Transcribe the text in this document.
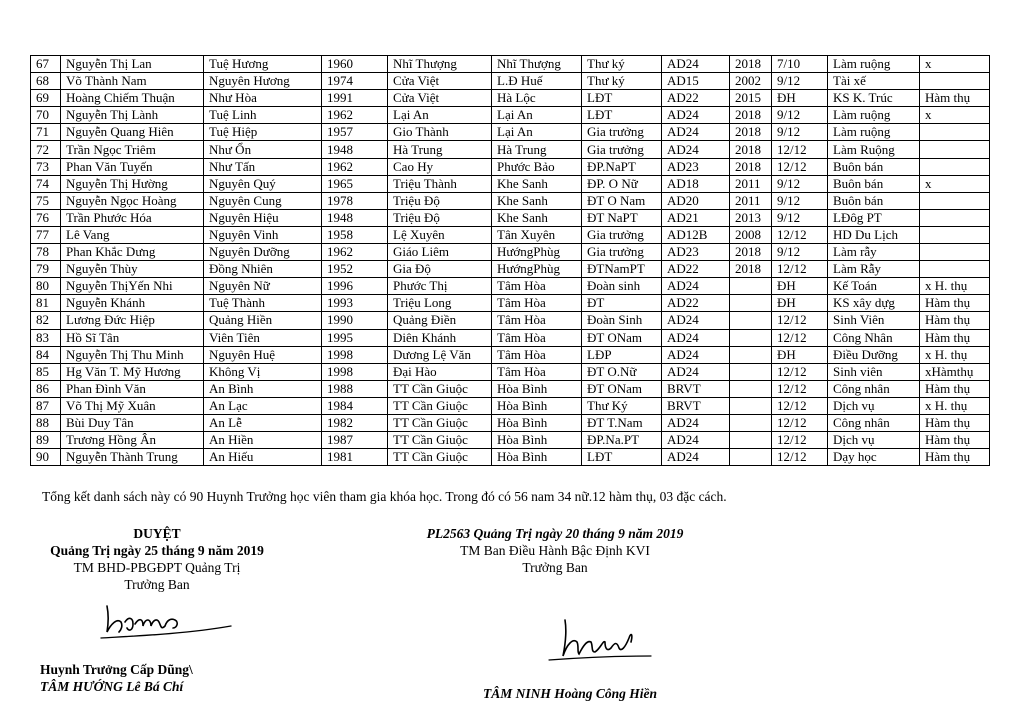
67	Nguyễn Thị Lan	Tuệ Hương	1960	Nhĩ Thượng	Nhĩ Thượng	Thư ký	AD24	2018	7/10	Làm ruộng	x
68	Võ Thành Nam	Nguyên Hương	1974	Cửa Việt	L.Đ Huế	Thư ký	AD15	2002	9/12	Tài xế	
69	Hoàng Chiếm Thuận	Như Hòa	1991	Cửa Việt	Hà Lộc	LĐT	AD22	2015	ĐH	KS K. Trúc	Hàm thụ
70	Nguyễn Thị Lành	Tuệ Linh	1962	Lại An	Lại An	LĐT	AD24	2018	9/12	Làm ruộng	x
71	Nguyễn Quang Hiên	Tuệ Hiệp	1957	Gio Thành	Lại An	Gia trưởng	AD24	2018	9/12	Làm ruộng	
72	Trần Ngọc Triêm	Như Ổn	1948	Hà Trung	Hà Trung	Gia trưởng	AD24	2018	12/12	Làm Ruộng	
73	Phan Văn Tuyến	Như Tấn	1962	Cao Hy	Phước Bảo	ĐP.NaPT	AD23	2018	12/12	Buôn bán	
74	Nguyễn Thị Hường	Nguyên Quý	1965	Triệu Thành	Khe Sanh	ĐP. O Nữ	AD18	2011	9/12	Buôn bán	x
75	Nguyễn Ngọc Hoàng	Nguyên Cung	1978	Triệu Độ	Khe Sanh	ĐT O Nam	AD20	2011	9/12	Buôn bán	
76	Trần Phước Hóa	Nguyên Hiệu	1948	Triệu Độ	Khe Sanh	ĐT NaPT	AD21	2013	9/12	LĐôg PT	
77	Lê Vang	Nguyên Vinh	1958	Lệ Xuyên	Tân Xuyên	Gia trưởng	AD12B	2008	12/12	HD Du Lịch	
78	Phan Khắc Dưng	Nguyên Dưỡng	1962	Giáo Liêm	HướngPhùg	Gia trưởng	AD23	2018	9/12	Làm rẫy	
79	Nguyễn Thùy	Đồng Nhiên	1952	Gia Độ	HướngPhùg	ĐTNamPT	AD22	2018	12/12	Làm Rẫy	
80	Nguyễn ThịYến Nhi	Nguyên Nữ	1996	Phước Thị	Tâm Hòa	Đoàn sinh	AD24		ĐH	Kế Toán	x H. thụ
81	Nguyễn Khánh	Tuệ Thành	1993	Triệu Long	Tâm Hòa	ĐT	AD22		ĐH	KS xây dựg	Hàm thụ
82	Lương Đức Hiệp	Quảng Hiền	1990	Quảng Điền	Tâm Hòa	Đoàn Sinh	AD24		12/12	Sinh Viên	Hàm thụ
83	Hồ Sĩ Tân	Viên Tiên	1995	Diên Khánh	Tâm Hòa	ĐT ONam	AD24		12/12	Công Nhân	Hàm thụ
84	Nguyễn Thị Thu Minh	Nguyên Huệ	1998	Dương Lệ Văn	Tâm Hòa	LĐP	AD24		ĐH	Điều Dưỡng	x H. thụ
85	Hg Văn T. Mỹ Hương	Không Vị	1998	Đại Hào	Tâm Hòa	ĐT O.Nữ	AD24		12/12	Sinh viên	xHàmthụ
86	Phan Đình Văn	An Bình	1988	TT Cần Giuộc	Hòa Bình	ĐT ONam	BRVT		12/12	Công nhân	Hàm thụ
87	Võ Thị Mỹ Xuân	An Lạc	1984	TT Cần Giuộc	Hòa Bình	Thư Ký	BRVT		12/12	Dịch vụ	x H. thụ
88	Bùi Duy Tân	An Lễ	1982	TT Cần Giuộc	Hòa Bình	ĐT T.Nam	AD24		12/12	Công nhân	Hàm thụ
89	Trương Hồng Ân	An Hiền	1987	TT Cần Giuộc	Hòa Bình	ĐP.Na.PT	AD24		12/12	Dịch vụ	Hàm thụ
90	Nguyễn Thành Trung	An Hiếu	1981	TT Cần Giuộc	Hòa Bình	LĐT	AD24		12/12	Dạy học	Hàm thụ
Tổng kết danh sách này có 90 Huynh Trưởng học viên tham gia khóa học. Trong đó có 56 nam 34 nữ.12 hàm thụ, 03 đặc cách.
DUYỆT
Quảng Trị ngày 25 tháng 9 năm 2019
TM BHD-PBGĐPT Quảng Trị
Trưởng Ban
Huynh Trưởng Cấp Dũng\
TÂM HƯỚNG Lê Bá Chí
PL2563 Quảng Trị ngày 20 tháng 9 năm 2019
TM Ban Điều Hành Bậc Định KVI
Trưởng Ban
TÂM NINH Hoàng Công Hiền
